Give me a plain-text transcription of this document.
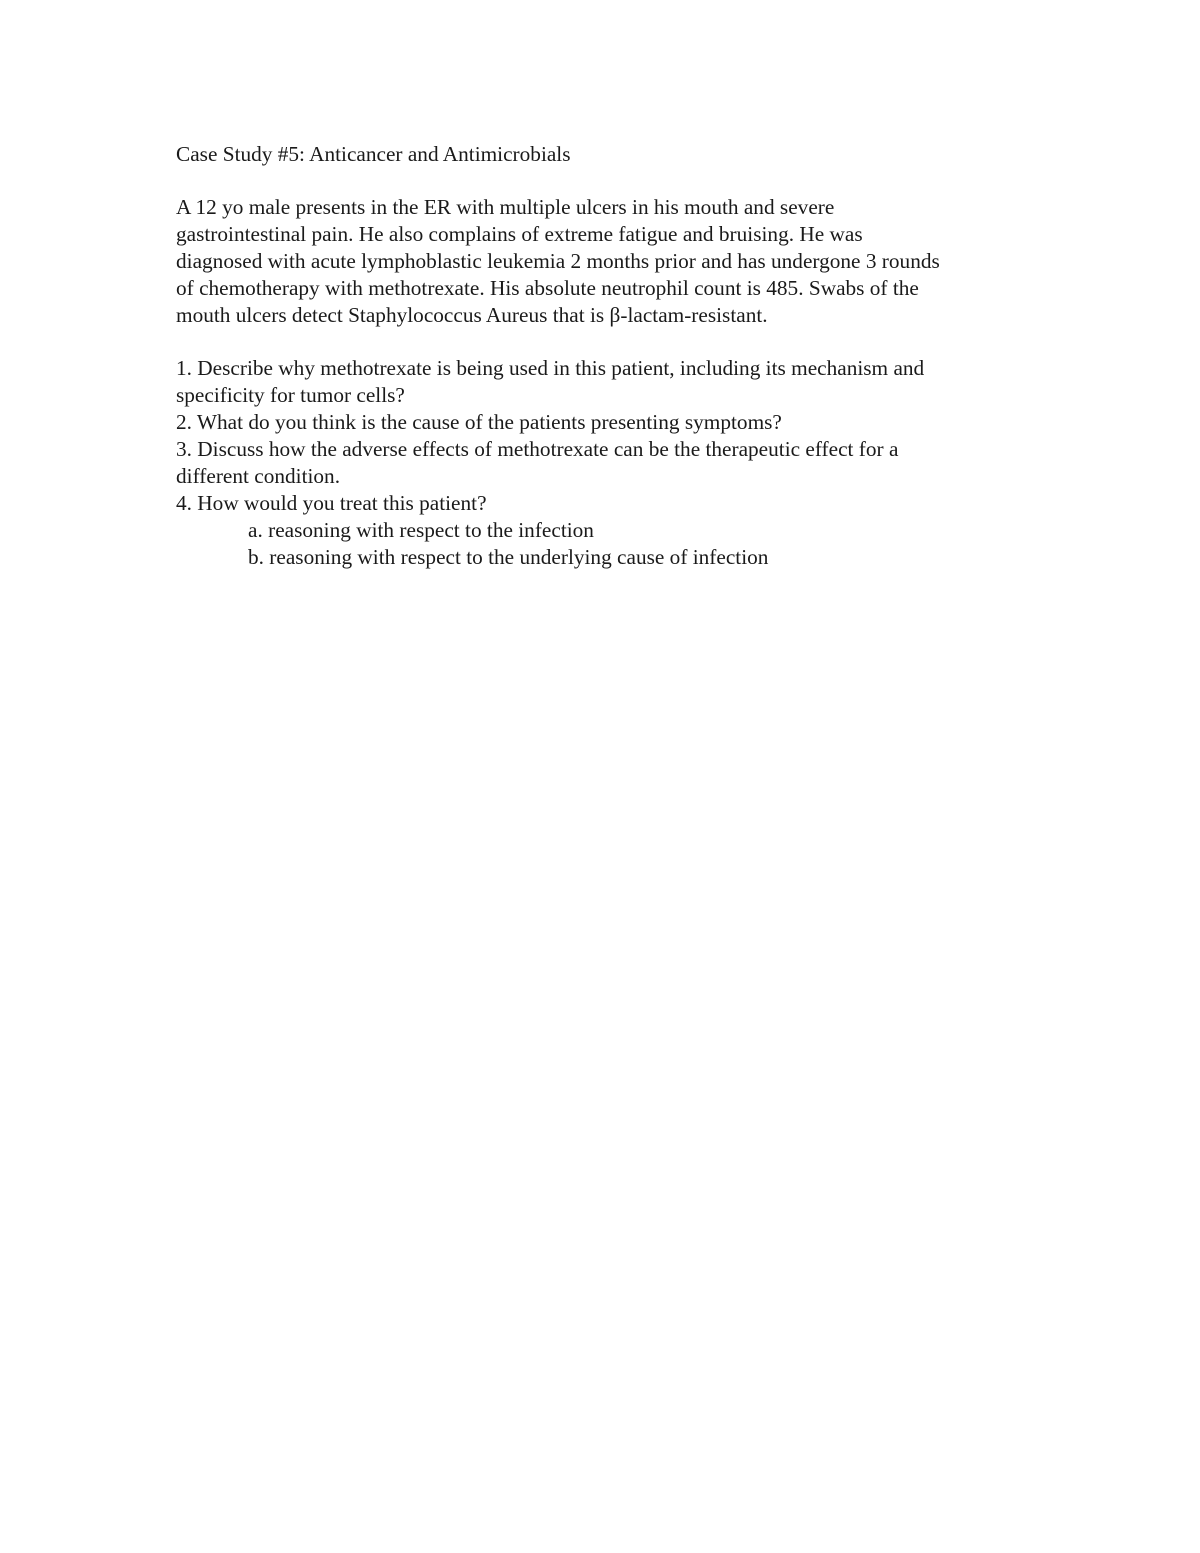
Case Study #5: Anticancer and Antimicrobials

A 12 yo male presents in the ER with multiple ulcers in his mouth and severe
gastrointestinal pain. He also complains of extreme fatigue and bruising. He was
diagnosed with acute lymphoblastic leukemia 2 months prior and has undergone 3 rounds
of chemotherapy with methotrexate. His absolute neutrophil count is 485. Swabs of the
mouth ulcers detect Staphylococcus Aureus that is β-lactam-resistant.
1. Describe why methotrexate is being used in this patient, including its mechanism and
specificity for tumor cells?
2. What do you think is the cause of the patients presenting symptoms?
3. Discuss how the adverse effects of methotrexate can be the therapeutic effect for a
different condition.
4. How would you treat this patient?
a. reasoning with respect to the infection
b. reasoning with respect to the underlying cause of infection
